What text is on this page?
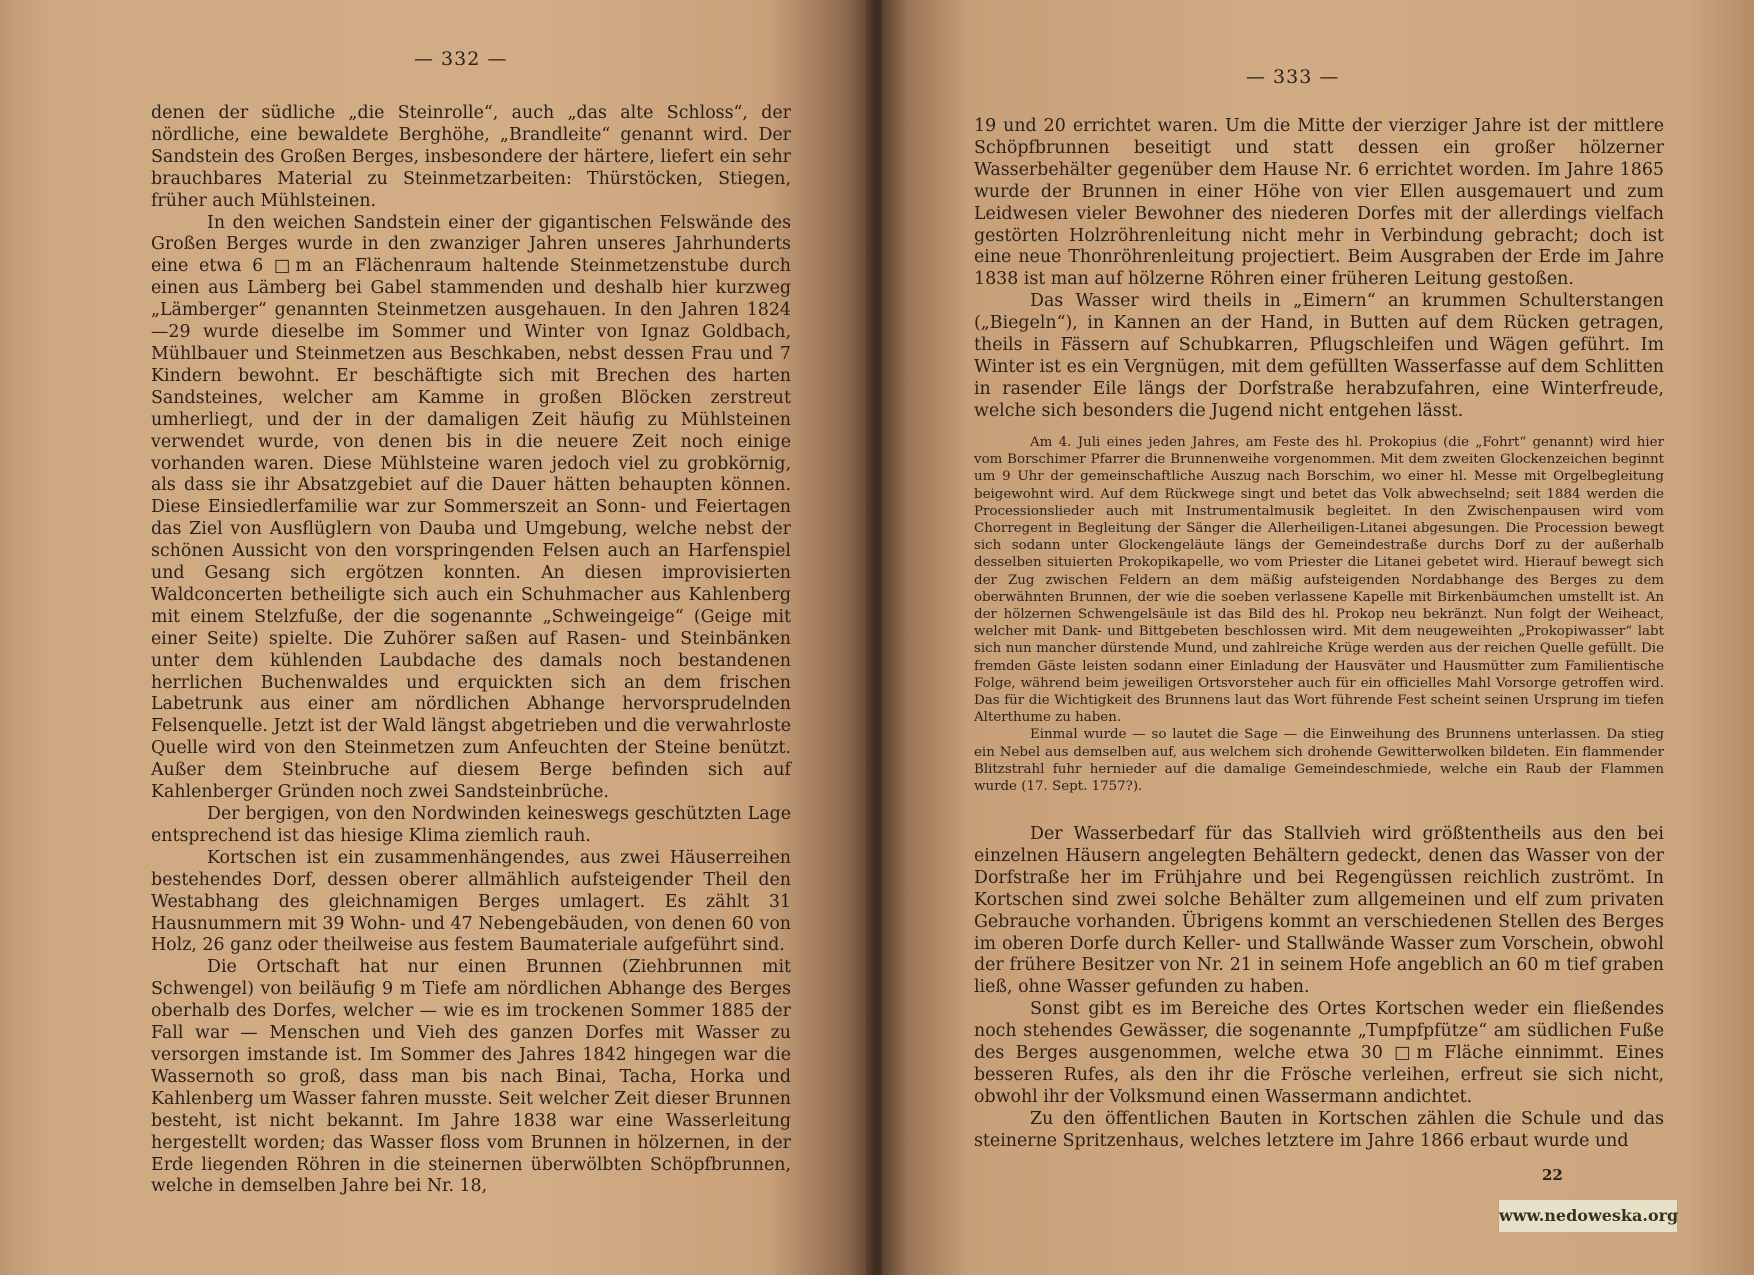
— 332 —

denen der südliche „die Steinrolle“, auch „das alte Schloss“, der nördliche, eine bewaldete Berghöhe, „Brandleite“ genannt wird. Der Sandstein des Großen Berges, insbesondere der härtere, liefert ein sehr brauchbares Material zu Steinmetzarbeiten: Thürstöcken, Stiegen, früher auch Mühlsteinen.

In den weichen Sandstein einer der gigantischen Felswände des Großen Berges wurde in den zwanziger Jahren unseres Jahrhunderts eine etwa 6 □m an Flächenraum haltende Steinmetzenstube durch einen aus Lämberg bei Gabel stammenden und deshalb hier kurzweg „Lämberger“ genannten Steinmetzen ausgehauen. In den Jahren 1824—29 wurde dieselbe im Sommer und Winter von Ignaz Goldbach, Mühlbauer und Steinmetzen aus Beschkaben, nebst dessen Frau und 7 Kindern bewohnt. Er beschäftigte sich mit Brechen des harten Sandsteines, welcher am Kamme in großen Blöcken zerstreut umherliegt, und der in der damaligen Zeit häufig zu Mühlsteinen verwendet wurde, von denen bis in die neuere Zeit noch einige vorhanden waren. Diese Mühlsteine waren jedoch viel zu grobkörnig, als dass sie ihr Absatzgebiet auf die Dauer hätten behaupten können. Diese Einsiedlerfamilie war zur Sommerszeit an Sonn- und Feiertagen das Ziel von Ausflüglern von Dauba und Umgebung, welche nebst der schönen Aussicht von den vorspringenden Felsen auch an Harfenspiel und Gesang sich ergötzen konnten. An diesen improvisierten Waldconcerten betheiligte sich auch ein Schuhmacher aus Kahlenberg mit einem Stelzfuße, der die sogenannte „Schweingeige“ (Geige mit einer Seite) spielte. Die Zuhörer saßen auf Rasen- und Steinbänken unter dem kühlenden Laubdache des damals noch bestandenen herrlichen Buchenwaldes und erquickten sich an dem frischen Labetrunk aus einer am nördlichen Abhange hervorsprudelnden Felsenquelle. Jetzt ist der Wald längst abgetrieben und die verwahrloste Quelle wird von den Steinmetzen zum Anfeuchten der Steine benützt. Außer dem Steinbruche auf diesem Berge befinden sich auf Kahlenberger Gründen noch zwei Sandsteinbrüche.

Der bergigen, von den Nordwinden keineswegs geschützten Lage entsprechend ist das hiesige Klima ziemlich rauh.

Kortschen ist ein zusammenhängendes, aus zwei Häuserreihen bestehendes Dorf, dessen oberer allmählich aufsteigender Theil den Westabhang des gleichnamigen Berges umlagert. Es zählt 31 Hausnummern mit 39 Wohn- und 47 Nebengebäuden, von denen 60 von Holz, 26 ganz oder theilweise aus festem Baumateriale aufgeführt sind.

Die Ortschaft hat nur einen Brunnen (Ziehbrunnen mit Schwengel) von beiläufig 9 m Tiefe am nördlichen Abhange des Berges oberhalb des Dorfes, welcher — wie es im trockenen Sommer 1885 der Fall war — Menschen und Vieh des ganzen Dorfes mit Wasser zu versorgen imstande ist. Im Sommer des Jahres 1842 hingegen war die Wassernoth so groß, dass man bis nach Binai, Tacha, Horka und Kahlenberg um Wasser fahren musste. Seit welcher Zeit dieser Brunnen besteht, ist nicht bekannt. Im Jahre 1838 war eine Wasserleitung hergestellt worden; das Wasser floss vom Brunnen in hölzernen, in der Erde liegenden Röhren in die steinernen überwölbten Schöpfbrunnen, welche in demselben Jahre bei Nr. 18,

— 333 —

19 und 20 errichtet waren. Um die Mitte der vierziger Jahre ist der mittlere Schöpfbrunnen beseitigt und statt dessen ein großer hölzerner Wasserbehälter gegenüber dem Hause Nr. 6 errichtet worden. Im Jahre 1865 wurde der Brunnen in einer Höhe von vier Ellen ausgemauert und zum Leidwesen vieler Bewohner des niederen Dorfes mit der allerdings vielfach gestörten Holzröhrenleitung nicht mehr in Verbindung gebracht; doch ist eine neue Thonröhrenleitung projectiert. Beim Ausgraben der Erde im Jahre 1838 ist man auf hölzerne Röhren einer früheren Leitung gestoßen.

Das Wasser wird theils in „Eimern“ an krummen Schulterstangen („Biegeln“), in Kannen an der Hand, in Butten auf dem Rücken getragen, theils in Fässern auf Schubkarren, Pflugschleifen und Wägen geführt. Im Winter ist es ein Vergnügen, mit dem gefüllten Wasserfasse auf dem Schlitten in rasender Eile längs der Dorfstraße herabzufahren, eine Winterfreude, welche sich besonders die Jugend nicht entgehen lässt.

Am 4. Juli eines jeden Jahres, am Feste des hl. Prokopius (die „Fohrt“ genannt) wird hier vom Borschimer Pfarrer die Brunnenweihe vorgenommen. Mit dem zweiten Glockenzeichen beginnt um 9 Uhr der gemeinschaftliche Auszug nach Borschim, wo einer hl. Messe mit Orgelbegleitung beigewohnt wird. Auf dem Rückwege singt und betet das Volk abwechselnd; seit 1884 werden die Processionslieder auch mit Instrumentalmusik begleitet. In den Zwischenpausen wird vom Chorregent in Begleitung der Sänger die Allerheiligen-Litanei abgesungen. Die Procession bewegt sich sodann unter Glockengeläute längs der Gemeindestraße durchs Dorf zu der außerhalb desselben situierten Prokopikapelle, wo vom Priester die Litanei gebetet wird. Hierauf bewegt sich der Zug zwischen Feldern an dem mäßig aufsteigenden Nordabhange des Berges zu dem oberwähnten Brunnen, der wie die soeben verlassene Kapelle mit Birkenbäumchen umstellt ist. An der hölzernen Schwengelsäule ist das Bild des hl. Prokop neu bekränzt. Nun folgt der Weiheact, welcher mit Dank- und Bittgebeten beschlossen wird. Mit dem neugeweihten „Prokopiwasser“ labt sich nun mancher dürstende Mund, und zahlreiche Krüge werden aus der reichen Quelle gefüllt. Die fremden Gäste leisten sodann einer Einladung der Hausväter und Hausmütter zum Familientische Folge, während beim jeweiligen Ortsvorsteher auch für ein officielles Mahl Vorsorge getroffen wird. Das für die Wichtigkeit des Brunnens laut das Wort führende Fest scheint seinen Ursprung im tiefen Alterthume zu haben.

Einmal wurde — so lautet die Sage — die Einweihung des Brunnens unterlassen. Da stieg ein Nebel aus demselben auf, aus welchem sich drohende Gewitterwolken bildeten. Ein flammender Blitzstrahl fuhr hernieder auf die damalige Gemeindeschmiede, welche ein Raub der Flammen wurde (17. Sept. 1757?).

Der Wasserbedarf für das Stallvieh wird größtentheils aus den bei einzelnen Häusern angelegten Behältern gedeckt, denen das Wasser von der Dorfstraße her im Frühjahre und bei Regengüssen reichlich zuströmt. In Kortschen sind zwei solche Behälter zum allgemeinen und elf zum privaten Gebrauche vorhanden. Übrigens kommt an verschiedenen Stellen des Berges im oberen Dorfe durch Keller- und Stallwände Wasser zum Vorschein, obwohl der frühere Besitzer von Nr. 21 in seinem Hofe angeblich an 60 m tief graben ließ, ohne Wasser gefunden zu haben.

Sonst gibt es im Bereiche des Ortes Kortschen weder ein fließendes noch stehendes Gewässer, die sogenannte „Tumpfpfütze“ am südlichen Fuße des Berges ausgenommen, welche etwa 30 □m Fläche einnimmt. Eines besseren Rufes, als den ihr die Frösche verleihen, erfreut sie sich nicht, obwohl ihr der Volksmund einen Wassermann andichtet.

Zu den öffentlichen Bauten in Kortschen zählen die Schule und das steinerne Spritzenhaus, welches letztere im Jahre 1866 erbaut wurde und

22
www.nedoweska.org
